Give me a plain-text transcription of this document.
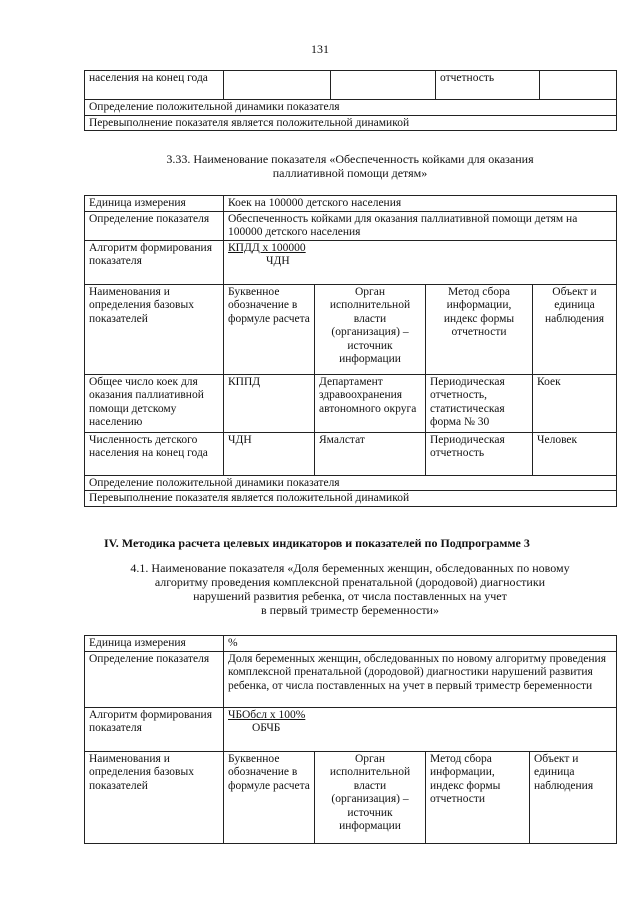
131
населения на конец года			отчетность	
Определение положительной динамики показателя
Перевыполнение показателя является положительной динамикой
3.33. Наименование показателя «Обеспеченность койками для оказания
паллиативной помощи детям»
Единица измерения	Коек на 100000 детского населения			
Определение показателя	Обеспеченность койками для оказания паллиативной помощи детям на 100000 детского населения			
Алгоритм формирования показателя	КПДД х 100000
ЧДН			

Наименования и определения базовых показателей	Буквенное обозначение в формуле расчета	Орган исполнительной власти (организация) – источник информации	Метод сбора информации, индекс формы отчетности	Объект и единица наблюдения
Общее число коек для оказания паллиативной помощи детскому населению	КППД	Департамент здравоохранения автономного округа	Периодическая отчетность, статистическая форма № 30	Коек
Численность детского населения на конец года	ЧДН	Ямалстат	Периодическая отчетность	Человек
Определение положительной динамики показателя				
Перевыполнение показателя является положительной динамикой				
IV. Методика расчета целевых индикаторов и показателей по Подпрограмме 3
4.1. Наименование показателя «Доля беременных женщин, обследованных по новому
алгоритму проведения комплексной пренатальной (дородовой) диагностики
нарушений развития ребенка, от числа поставленных на учет
в первый триместр беременности»
Единица измерения	%			
Определение показателя	Доля беременных женщин, обследованных по новому алгоритму проведения комплексной пренатальной (дородовой) диагностики нарушений развития ребенка, от числа поставленных на учет в первый триместр беременности			
Алгоритм формирования показателя	ЧБОбсл х 100%
ОБЧБ			

Наименования и определения базовых показателей	Буквенное обозначение в формуле расчета	Орган исполнительной власти (организация) – источник информации	Метод сбора информации, индекс формы отчетности	Объект и единица наблюдения
